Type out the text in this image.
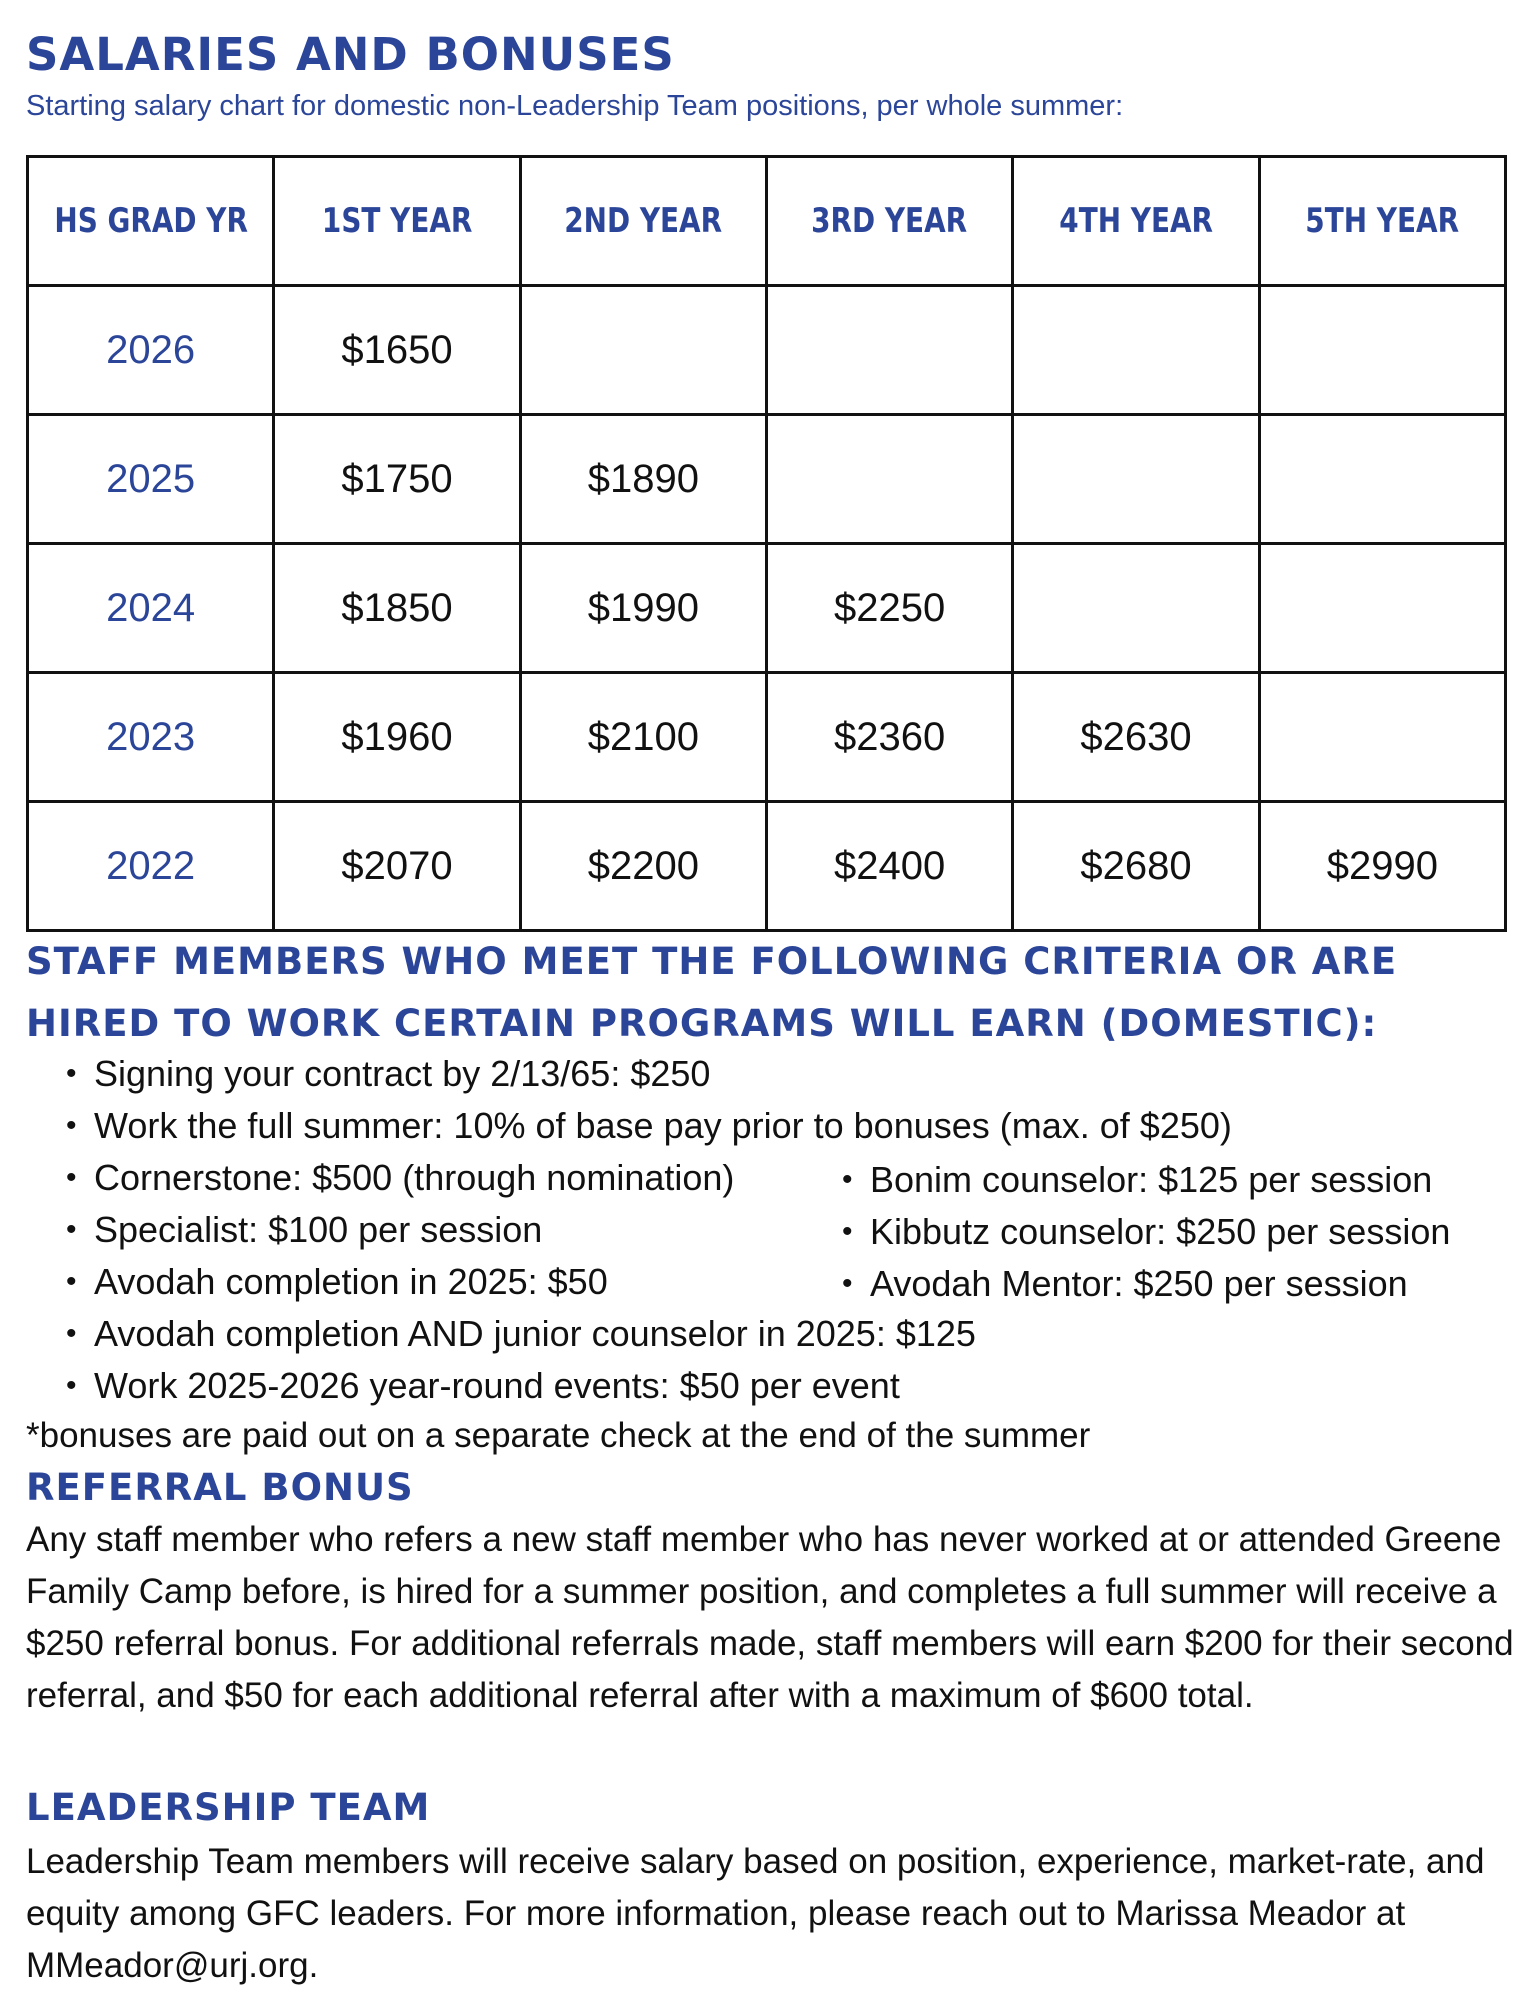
SALARIES AND BONUSES

Starting salary chart for domestic non-Leadership Team positions, per whole summer:

HS GRAD YR	1ST YEAR	2ND YEAR	3RD YEAR	4TH YEAR	5TH YEAR
2026	$1650				
2025	$1750	$1890			
2024	$1850	$1990	$2250		
2023	$1960	$2100	$2360	$2630	
2022	$2070	$2200	$2400	$2680	$2990
STAFF MEMBERS WHO MEET THE FOLLOWING CRITERIA OR ARE
HIRED TO WORK CERTAIN PROGRAMS WILL EARN (DOMESTIC):
• Signing your contract by 2/13/65: $250
• Work the full summer: 10% of base pay prior to bonuses (max. of $250)
• Cornerstone: $500 (through nomination)
• Specialist: $100 per session
• Avodah completion in 2025: $50
• Avodah completion AND junior counselor in 2025: $125
• Work 2025-2026 year-round events: $50 per event
• Bonim counselor: $125 per session
• Kibbutz counselor: $250 per session
• Avodah Mentor: $250 per session

*bonuses are paid out on a separate check at the end of the summer

REFERRAL BONUS

Any staff member who refers a new staff member who has never worked at or attended Greene Family Camp before, is hired for a summer position, and completes a full summer will receive a $250 referral bonus. For additional referrals made, staff members will earn $200 for their second referral, and $50 for each additional referral after with a maximum of $600 total.

LEADERSHIP TEAM

Leadership Team members will receive salary based on position, experience, market-rate, and equity among GFC leaders. For more information, please reach out to Marissa Meador at MMeador@urj.org.
